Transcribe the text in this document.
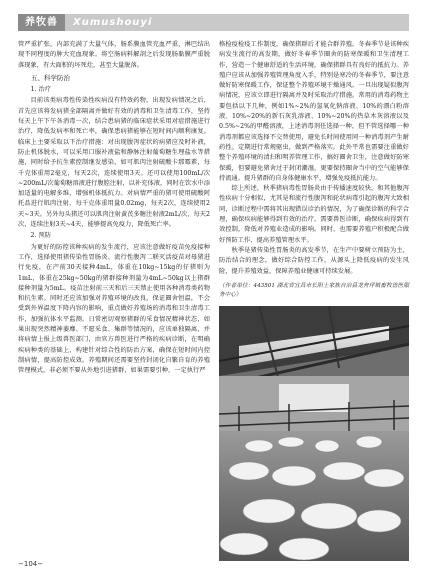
养牧兽	Xumushouyi

管严重扩张，内部充满了大量气体，肠系膜血管充血严重，淋巴结出现不同程度的肿大充血现象。将空肠病料解剖之后发现肠黏膜严重脱落现象，有大面积的坏死灶，甚至大量脱落。

五、科学防治
1. 治疗

目前该类病毒性传染性疾病没有特效药物，出现发病情况之后，首先应该将发病猪全部隔离并做好有效的消毒和卫生清毒工作，坚持每天上午下午各消毒一次，结合患病猪的临床症状采用对症措施进行治疗，降低发病率和死亡率，确保患病猪能够在短时间内顺利康复。临床上主要采取以下治疗措施：对出现腹泻症状的病猪应及时补液，防止机体脱水，可以采用口服补液盐和静脉注射葡萄糖生理盐水等措施，同时给予抗生素控制继发感染，如可肌肉注射硫酸卡那霉素，每千克体重用2毫克，每天2次，连续使用3天。还可以使用100mL/次~200mL/次葡萄糖溶液进行腹腔注射，以补充体液，同时在饮水中添加适量的电解多维，增强机体抵抗力。对病情严重的猪可使用硫酸阿托品进行肌肉注射，每千克体重用量0.02mg，每天2次，连续使用2天~3天。另外每头猪还可以肌肉注射黄芪多糖注射液2mL/次，每天2次，连续注射3天~4天，能够提高免疫力，降低死亡率。

2. 预防

为更好的防控该种疾病的发生流行，应该注意做好疫苗免疫接种工作，选择使用猪传染性胃肠炎、流行性腹泻二联灭活疫苗对母猪进行免疫，在产前30天接种4mL，体重在10kg~15kg的仔猪则为1mL，体重在25kg~50kg的猪群接种剂量为4mL~50kg以上猪群接种剂量为5mL。疫苗注射前三天和后三天禁止使用各种消毒类药物和抗生素。同时还应该加强对养殖环境的改良，保证圈舍恒温，不会受到外界温度下降内容的影响，重点做好养殖场的消毒和卫生清毒工作，加强抗体水平监测。日常密切观察猪群的采食情况精神状态，如果出现突然精神萎靡、不愿采食、集群等情况的，应该单独隔离，并将病情上报上级兽医部门，由官方兽医进行严格的疾病诊断，在明确疾病种类的基础上，构建针对综合性的防治方案，确保在短时间内控制病情，提高防控成效。养殖期间还需要坚持封闭化自繁自育的养殖管理模式，非必须不要从外地引进猪群，如果需要引种，一定执行严

格检疫检疫工作制度，确保猪群后才能合群养殖。冬春季节是该种疾病发生流行的高发期，做好冬春季节圈舍的防寒保暖和卫生清理工作，营造一个健康舒适的生活环境，确保猪群具有良好的抵抗力。养殖户应该从加强养殖管理角度入手，特别是寒冷的冬春季节，要注意做好防寒保暖工作，保证整个养殖环境干燥通风。一旦出现疑似腹泻病情况，应该立即进行隔离并及时采取治疗措施。常用的消毒药物主要包括以下几种，例如1%~2%的氢氧化钠溶液、10%的漂白粉溶液、10%~20%的新石灰乳溶液、10%~20%的热草木灰溶液以及0.5%~2%的甲醛溶液，上述消毒剂任选择一种，但不管选择哪一种消毒剂都应该选择不交替使用，避免长时间使用同一种消毒剂产生耐药性。定期进行常规驱虫，做到严格落实。此外平常也需要注重做好整个养殖环境的清扫和明养管理工作，搞好圈舍卫生，注意做好防寒保暖，但要避免猪舍过于封闭潮湿，更要保持圈舍当中的空气能够保持流通。提升猪群的自身体健康水平，增强免疫抵抗能力。

综上所述，秋季猪病毒性胃肠炎由于传播速度较快，和其他腹泻性疾病十分相似，尤其是和流行性腹泻和轮状病毒引起的腹泻大致相同，诊断过程中需将其出现错误诊治的情况，为了确保诊断的科学合理，确保疾病能够得到有效的治疗，需要兽医诊断，确保疾病得到有效控制，降低对养殖业造成的影响。同时，也需要养殖户积极配合做好预防工作，提高养殖管理水平。

秋季是猪传染性胃肠炎的高发季节，在生产中要树立预防为主，防治结合的理念，做好综合防控工作，从源头上降低疫病的发生风险，提升养殖效益，保障养殖业健康可持续发展。

（作者单位：443501 湖北省宜昌市长阳土家族自治县龙舟坪镇畜牧兽医服务中心）
−104−
